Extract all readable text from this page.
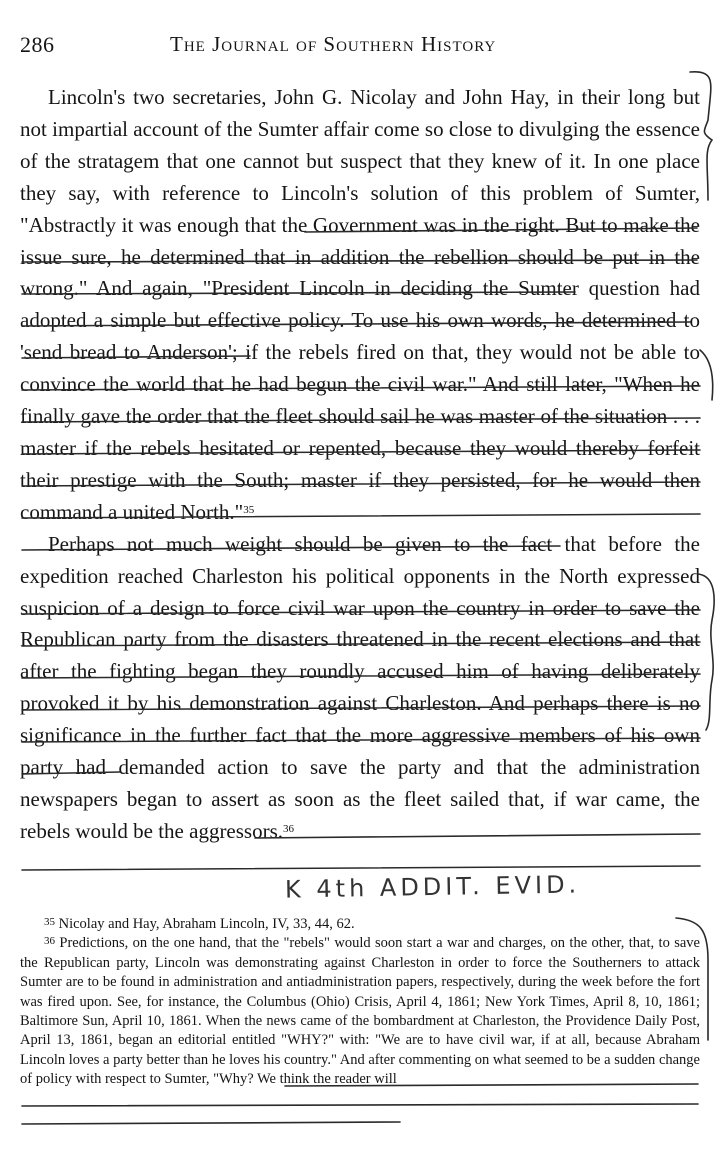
286	The Journal of Southern History

Lincoln's two secretaries, John G. Nicolay and John Hay, in their long but not impartial account of the Sumter affair come so close to divulging the essence of the stratagem that one cannot but suspect that they knew of it. In one place they say, with reference to Lincoln's solution of this problem of Sumter, "Abstractly it was enough that the Government was in the right. But to make the issue sure, he determined that in addition the rebellion should be put in the wrong." And again, "President Lincoln in deciding the Sumter question had adopted a simple but effective policy. To use his own words, he determined to 'send bread to Anderson'; if the rebels fired on that, they would not be able to convince the world that he had begun the civil war." And still later, "When he finally gave the order that the fleet should sail he was master of the situation . . . master if the rebels hesitated or repented, because they would thereby forfeit their prestige with the South; master if they persisted, for he would then command a united North."$^{35}$

Perhaps not much weight should be given to the fact that before the expedition reached Charleston his political opponents in the North expressed suspicion of a design to force civil war upon the country in order to save the Republican party from the disasters threatened in the recent elections and that after the fighting began they roundly accused him of having deliberately provoked it by his demonstration against Charleston. And perhaps there is no significance in the further fact that the more aggressive members of his own party had demanded action to save the party and that the administration newspapers began to assert as soon as the fleet sailed that, if war came, the rebels would be the aggressors.$^{36}$

K 4th ADDIT. EVID.

$^{35}$ Nicolay and Hay, Abraham Lincoln, IV, 33, 44, 62.

$^{36}$ Predictions, on the one hand, that the "rebels" would soon start a war and charges, on the other, that, to save the Republican party, Lincoln was demonstrating against Charleston in order to force the Southerners to attack Sumter are to be found in administration and antiadministration papers, respectively, during the week before the fort was fired upon. See, for instance, the Columbus (Ohio) Crisis, April 4, 1861; New York Times, April 8, 10, 1861; Baltimore Sun, April 10, 1861. When the news came of the bombardment at Charleston, the Providence Daily Post, April 13, 1861, began an editorial entitled "WHY?" with: "We are to have civil war, if at all, because Abraham Lincoln loves a party better than he loves his country." And after commenting on what seemed to be a sudden change of policy with respect to Sumter, "Why? We think the reader will
